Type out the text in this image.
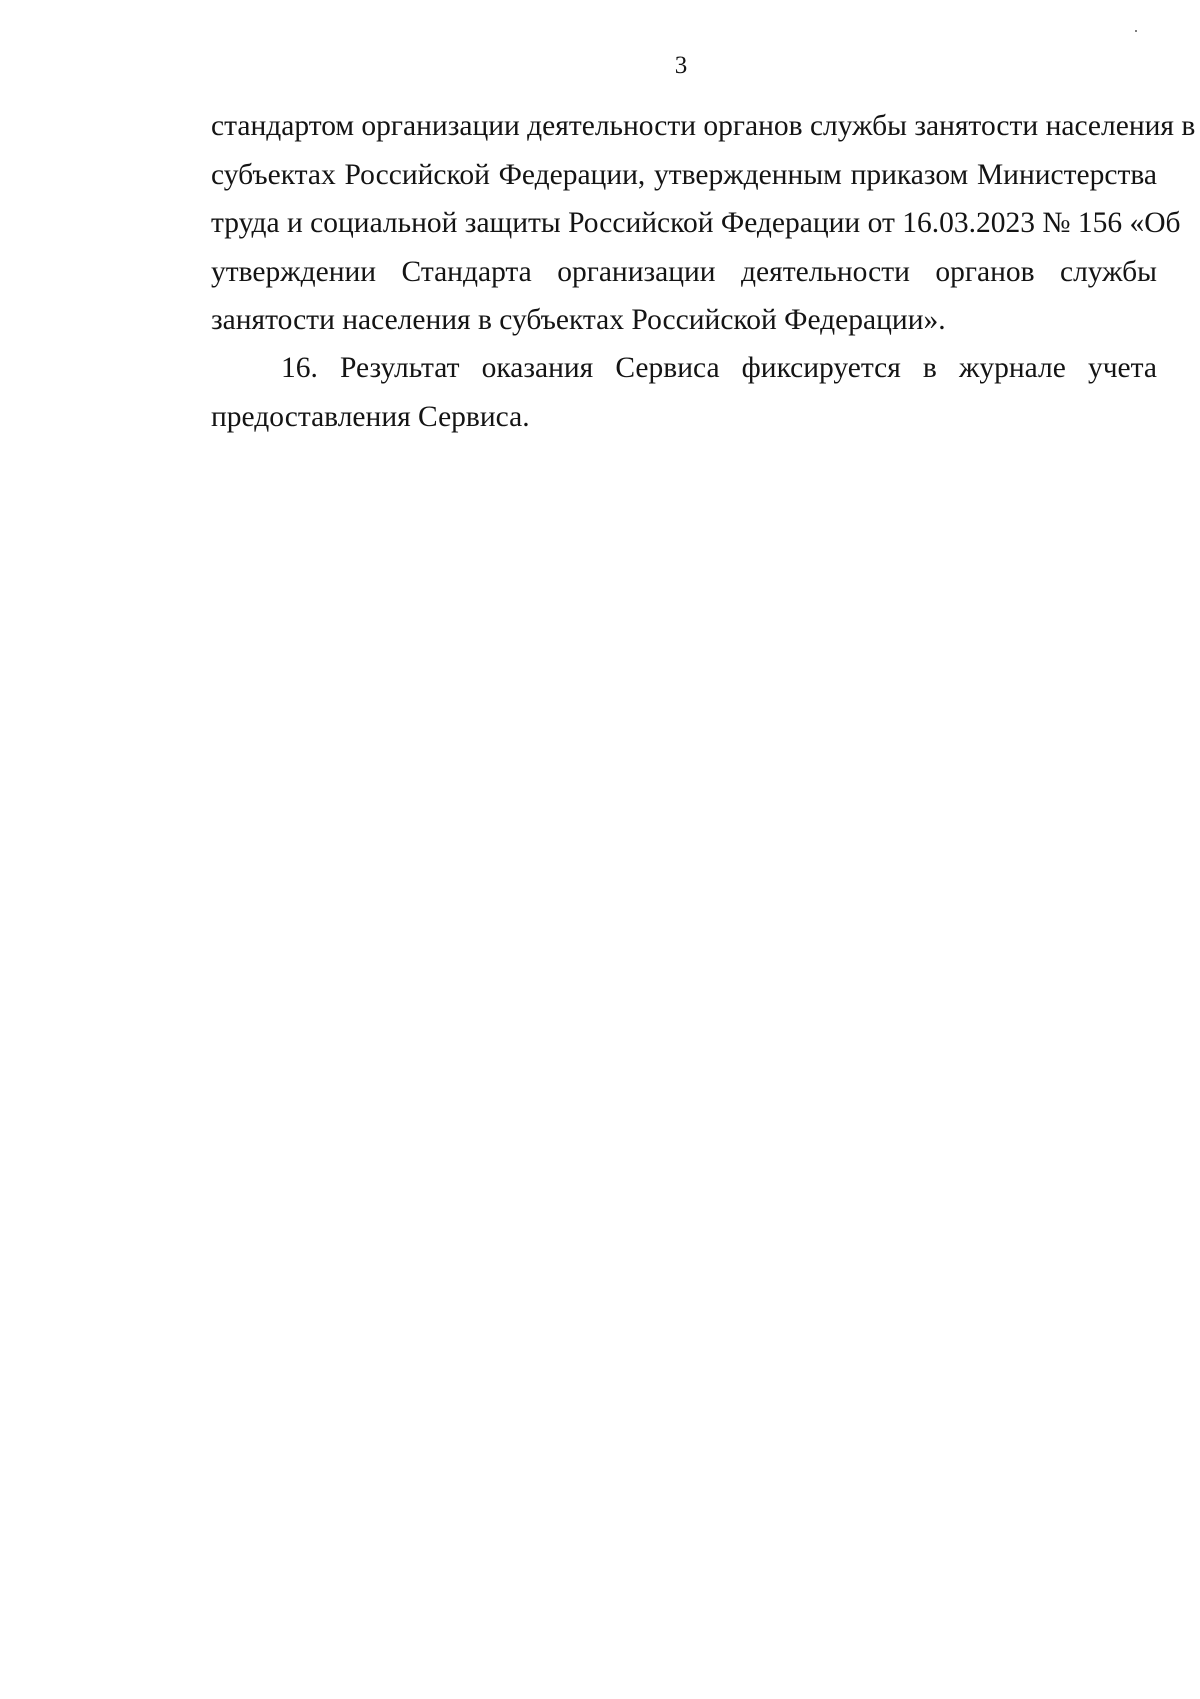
3
стандартом организации деятельности органов службы занятости населения в
субъектах Российской Федерации, утвержденным приказом Министерства
труда и социальной защиты Российской Федерации от 16.03.2023 № 156 «Об
утверждении Стандарта организации деятельности органов службы
занятости населения в субъектах Российской Федерации».
16. Результат оказания Сервиса фиксируется в журнале учета
предоставления Сервиса.
